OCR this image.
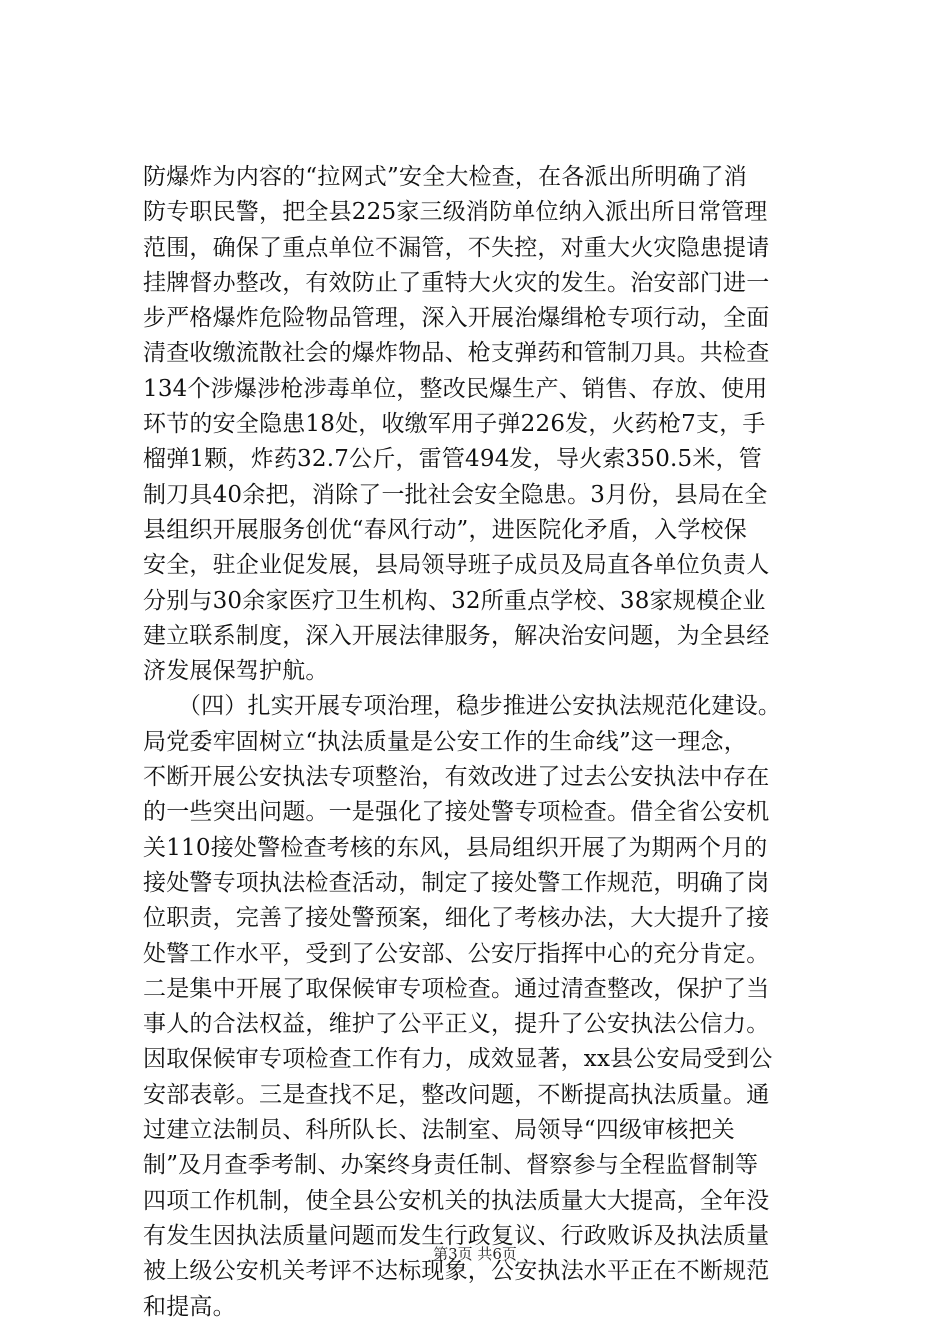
防爆炸为内容的“拉网式”安全大检查，在各派出所明确了消
防专职民警，把全县225家三级消防单位纳入派出所日常管理
范围，确保了重点单位不漏管，不失控，对重大火灾隐患提请
挂牌督办整改，有效防止了重特大火灾的发生。治安部门进一
步严格爆炸危险物品管理，深入开展治爆缉枪专项行动，全面
清查收缴流散社会的爆炸物品、枪支弹药和管制刀具。共检查
134个涉爆涉枪涉毒单位，整改民爆生产、销售、存放、使用
环节的安全隐患18处，收缴军用子弹226发，火药枪7支，手
榴弹1颗，炸药32.7公斤，雷管494发，导火索350.5米，管
制刀具40余把，消除了一批社会安全隐患。3月份，县局在全
县组织开展服务创优“春风行动”，进医院化矛盾，入学校保
安全，驻企业促发展，县局领导班子成员及局直各单位负责人
分别与30余家医疗卫生机构、32所重点学校、38家规模企业
建立联系制度，深入开展法律服务，解决治安问题，为全县经
济发展保驾护航。
　　（四）扎实开展专项治理，稳步推进公安执法规范化建设。
局党委牢固树立“执法质量是公安工作的生命线”这一理念，
不断开展公安执法专项整治，有效改进了过去公安执法中存在
的一些突出问题。一是强化了接处警专项检查。借全省公安机
关110接处警检查考核的东风，县局组织开展了为期两个月的
接处警专项执法检查活动，制定了接处警工作规范，明确了岗
位职责，完善了接处警预案，细化了考核办法，大大提升了接
处警工作水平，受到了公安部、公安厅指挥中心的充分肯定。
二是集中开展了取保候审专项检查。通过清查整改，保护了当
事人的合法权益，维护了公平正义，提升了公安执法公信力。
因取保候审专项检查工作有力，成效显著，xx县公安局受到公
安部表彰。三是查找不足，整改问题，不断提高执法质量。通
过建立法制员、科所队长、法制室、局领导“四级审核把关
制”及月查季考制、办案终身责任制、督察参与全程监督制等
四项工作机制，使全县公安机关的执法质量大大提高，全年没
有发生因执法质量问题而发生行政复议、行政败诉及执法质量
被上级公安机关考评不达标现象，公安执法水平正在不断规范
和提高。
第3页 共6页
